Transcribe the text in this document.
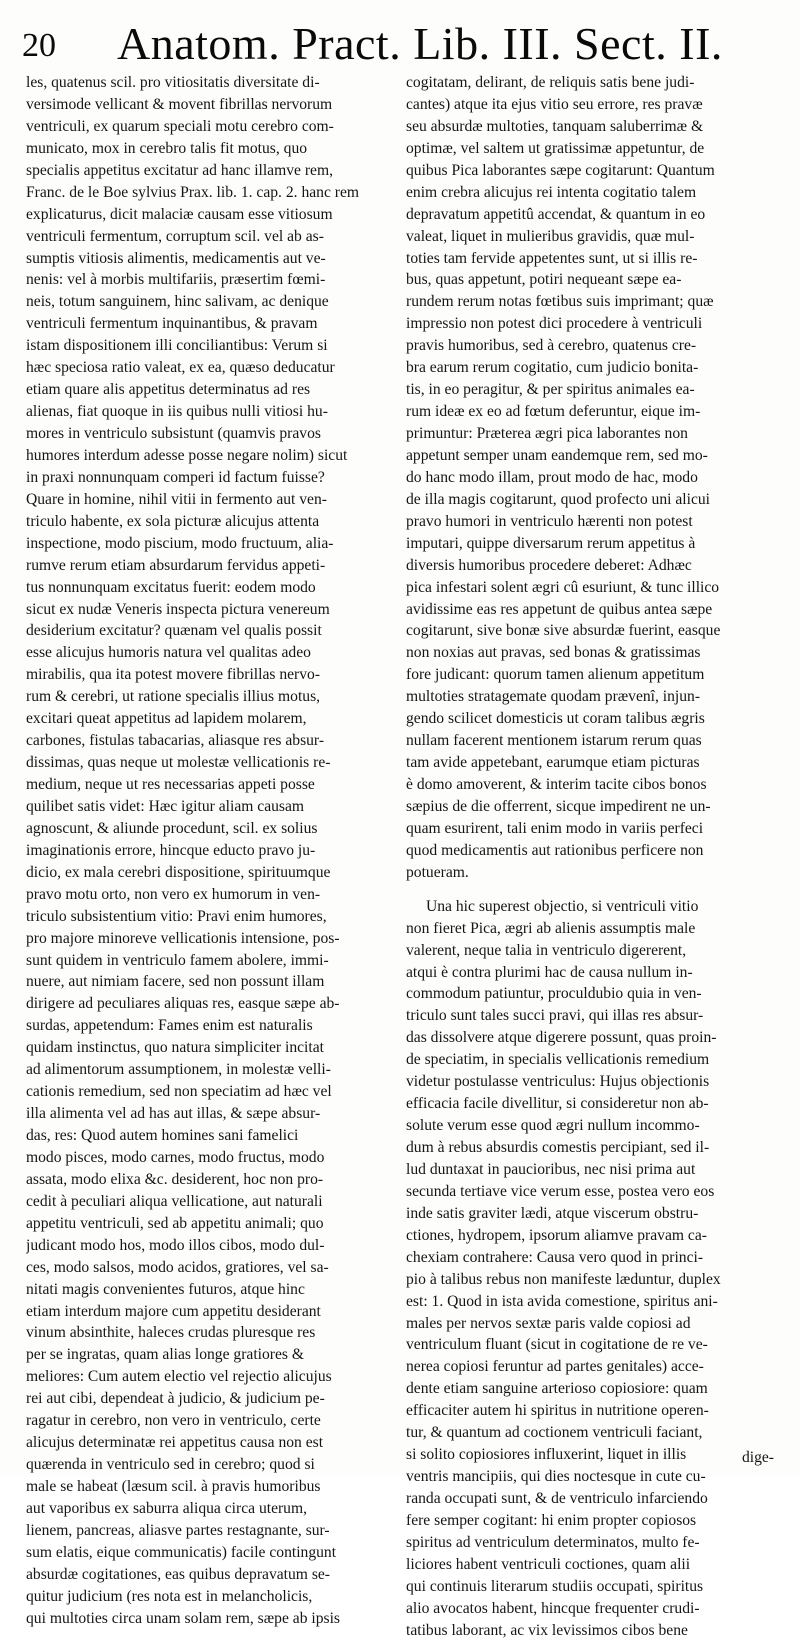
20 Anatom. Pract. Lib. III. Sect. II.
les, quatenus scil. pro vitiositatis diversitate di-
versimode vellicant & movent fibrillas nervorum
ventriculi, ex quarum speciali motu cerebro com-
municato, mox in cerebro talis fit motus, quo
specialis appetitus excitatur ad hanc illamve rem,
Franc. de le Boe sylvius Prax. lib. 1. cap. 2. hanc rem
explicaturus, dicit malaciæ causam esse vitiosum
ventriculi fermentum, corruptum scil. vel ab as-
sumptis vitiosis alimentis, medicamentis aut ve-
nenis: vel à morbis multifariis, præsertim fœmi-
neis, totum sanguinem, hinc salivam, ac denique
ventriculi fermentum inquinantibus, & pravam
istam dispositionem illi conciliantibus: Verum si
hæc speciosa ratio valeat, ex ea, quæso deducatur
etiam quare alis appetitus determinatus ad res
alienas, fiat quoque in iis quibus nulli vitiosi hu-
mores in ventriculo subsistunt (quamvis pravos
humores interdum adesse posse negare nolim) sicut
in praxi nonnunquam comperi id factum fuisse?
Quare in homine, nihil vitii in fermento aut ven-
triculo habente, ex sola picturæ alicujus attenta
inspectione, modo piscium, modo fructuum, alia-
rumve rerum etiam absurdarum fervidus appeti-
tus nonnunquam excitatus fuerit: eodem modo
sicut ex nudæ Veneris inspecta pictura venereum
desiderium excitatur? quænam vel qualis possit
esse alicujus humoris natura vel qualitas adeo
mirabilis, qua ita potest movere fibrillas nervo-
rum & cerebri, ut ratione specialis illius motus,
excitari queat appetitus ad lapidem molarem,
carbones, fistulas tabacarias, aliasque res absur-
dissimas, quas neque ut molestæ vellicationis re-
medium, neque ut res necessarias appeti posse
quilibet satis videt: Hæc igitur aliam causam
agnoscunt, & aliunde procedunt, scil. ex solius
imaginationis errore, hincque educto pravo ju-
dicio, ex mala cerebri dispositione, spirituumque
pravo motu orto, non vero ex humorum in ven-
triculo subsistentium vitio: Pravi enim humores,
pro majore minoreve vellicationis intensione, pos-
sunt quidem in ventriculo famem abolere, immi-
nuere, aut nimiam facere, sed non possunt illam
dirigere ad peculiares aliquas res, easque sæpe ab-
surdas, appetendum: Fames enim est naturalis
quidam instinctus, quo natura simpliciter incitat
ad alimentorum assumptionem, in molestæ velli-
cationis remedium, sed non speciatim ad hæc vel
illa alimenta vel ad has aut illas, & sæpe absur-
das, res: Quod autem homines sani famelici
modo pisces, modo carnes, modo fructus, modo
assata, modo elixa &c. desiderent, hoc non pro-
cedit à peculiari aliqua vellicatione, aut naturali
appetitu ventriculi, sed ab appetitu animali; quo
judicant modo hos, modo illos cibos, modo dul-
ces, modo salsos, modo acidos, gratiores, vel sa-
nitati magis convenientes futuros, atque hinc
etiam interdum majore cum appetitu desiderant
vinum absinthite, haleces crudas pluresque res
per se ingratas, quam alias longe gratiores &
meliores: Cum autem electio vel rejectio alicujus
rei aut cibi, dependeat à judicio, & judicium pe-
ragatur in cerebro, non vero in ventriculo, certe
alicujus determinatæ rei appetitus causa non est
quærenda in ventriculo sed in cerebro; quod si
male se habeat (læsum scil. à pravis humoribus
aut vaporibus ex saburra aliqua circa uterum,
lienem, pancreas, aliasve partes restagnante, sur-
sum elatis, eique communicatis) facile contingunt
absurdæ cogitationes, eas quibus depravatum se-
quitur judicium (res nota est in melancholicis,
qui multoties circa unam solam rem, sæpe ab ipsis
cogitatam, delirant, de reliquis satis bene judi-
cantes) atque ita ejus vitio seu errore, res pravæ
seu absurdæ multoties, tanquam saluberrimæ &
optimæ, vel saltem ut gratissimæ appetuntur, de
quibus Pica laborantes sæpe cogitarunt: Quantum
enim crebra alicujus rei intenta cogitatio talem
depravatum appetitû accendat, & quantum in eo
valeat, liquet in mulieribus gravidis, quæ mul-
toties tam fervide appetentes sunt, ut si illis re-
bus, quas appetunt, potiri nequeant sæpe ea-
rundem rerum notas fœtibus suis imprimant; quæ
impressio non potest dici procedere à ventriculi
pravis humoribus, sed à cerebro, quatenus cre-
bra earum rerum cogitatio, cum judicio bonita-
tis, in eo peragitur, & per spiritus animales ea-
rum ideæ ex eo ad fœtum deferuntur, eique im-
primuntur: Præterea ægri pica laborantes non
appetunt semper unam eandemque rem, sed mo-
do hanc modo illam, prout modo de hac, modo
de illa magis cogitarunt, quod profecto uni alicui
pravo humori in ventriculo hærenti non potest
imputari, quippe diversarum rerum appetitus à
diversis humoribus procedere deberet: Adhæc
pica infestari solent ægri cû esuriunt, & tunc illico
avidissime eas res appetunt de quibus antea sæpe
cogitarunt, sive bonæ sive absurdæ fuerint, easque
non noxias aut pravas, sed bonas & gratissimas
fore judicant: quorum tamen alienum appetitum
multoties stratagemate quodam prævenî, injun-
gendo scilicet domesticis ut coram talibus ægris
nullam facerent mentionem istarum rerum quas
tam avide appetebant, earumque etiam picturas
è domo amoverent, & interim tacite cibos bonos
sæpius de die offerrent, sicque impedirent ne un-
quam esurirent, tali enim modo in variis perfeci
quod medicamentis aut rationibus perficere non
potueram.
Una hic superest objectio, si ventriculi vitio
non fieret Pica, ægri ab alienis assumptis male
valerent, neque talia in ventriculo digererent,
atqui è contra plurimi hac de causa nullum in-
commodum patiuntur, proculdubio quia in ven-
triculo sunt tales succi pravi, qui illas res absur-
das dissolvere atque digerere possunt, quas proin-
de speciatim, in specialis vellicationis remedium
videtur postulasse ventriculus: Hujus objectionis
efficacia facile divellitur, si consideretur non ab-
solute verum esse quod ægri nullum incommo-
dum à rebus absurdis comestis percipiant, sed il-
lud duntaxat in paucioribus, nec nisi prima aut
secunda tertiave vice verum esse, postea vero eos
inde satis graviter lædi, atque viscerum obstru-
ctiones, hydropem, ipsorum aliamve pravam ca-
chexiam contrahere: Causa vero quod in princi-
pio à talibus rebus non manifeste læduntur, duplex
est: 1. Quod in ista avida comestione, spiritus ani-
males per nervos sextæ paris valde copiosi ad
ventriculum fluant (sicut in cogitatione de re ve-
nerea copiosi feruntur ad partes genitales) acce-
dente etiam sanguine arterioso copiosiore: quam
efficaciter autem hi spiritus in nutritione operen-
tur, & quantum ad coctionem ventriculi faciant,
si solito copiosiores influxerint, liquet in illis
ventris mancipiis, qui dies noctesque in cute cu-
randa occupati sunt, & de ventriculo infarciendo
fere semper cogitant: hi enim propter copiosos
spiritus ad ventriculum determinatos, multo fe-
liciores habent ventriculi coctiones, quam alii
qui continuis literarum studiis occupati, spiritus
alio avocatos habent, hincque frequenter crudi-
tatibus laborant, ac vix levissimos cibos bene
dige-
